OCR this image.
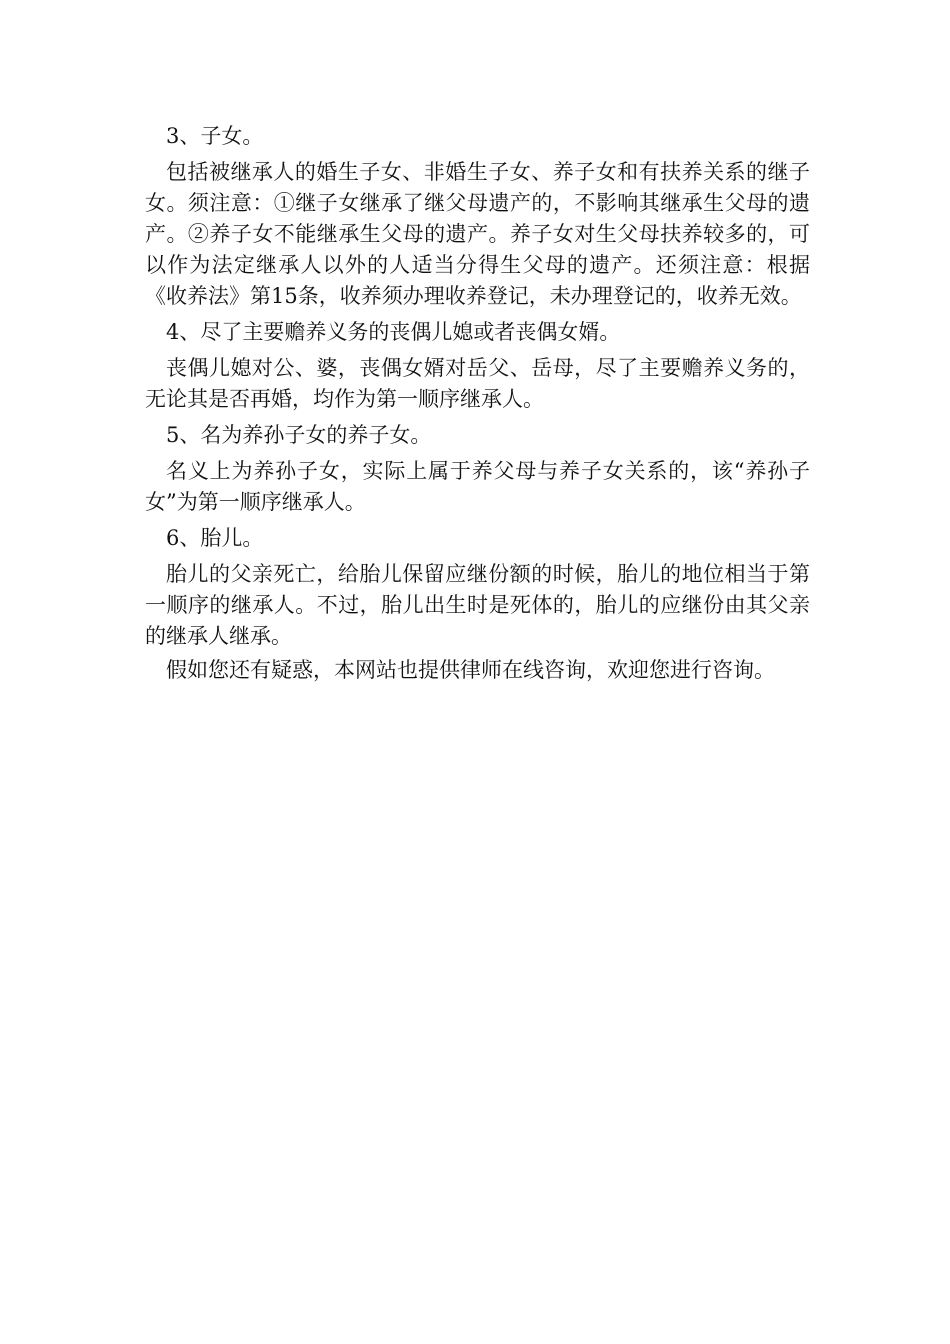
3、子女。

包括被继承人的婚生子女、非婚生子女、养子女和有扶养关系的继子女。须注意：①继子女继承了继父母遗产的，不影响其继承生父母的遗产。②养子女不能继承生父母的遗产。养子女对生父母扶养较多的，可以作为法定继承人以外的人适当分得生父母的遗产。还须注意：根据《收养法》第15条，收养须办理收养登记，未办理登记的，收养无效。

4、尽了主要赡养义务的丧偶儿媳或者丧偶女婿。

丧偶儿媳对公、婆，丧偶女婿对岳父、岳母，尽了主要赡养义务的，无论其是否再婚，均作为第一顺序继承人。

5、名为养孙子女的养子女。

名义上为养孙子女，实际上属于养父母与养子女关系的，该“养孙子女”为第一顺序继承人。

6、胎儿。

胎儿的父亲死亡，给胎儿保留应继份额的时候，胎儿的地位相当于第一顺序的继承人。不过，胎儿出生时是死体的，胎儿的应继份由其父亲的继承人继承。

假如您还有疑惑，本网站也提供律师在线咨询，欢迎您进行咨询。
